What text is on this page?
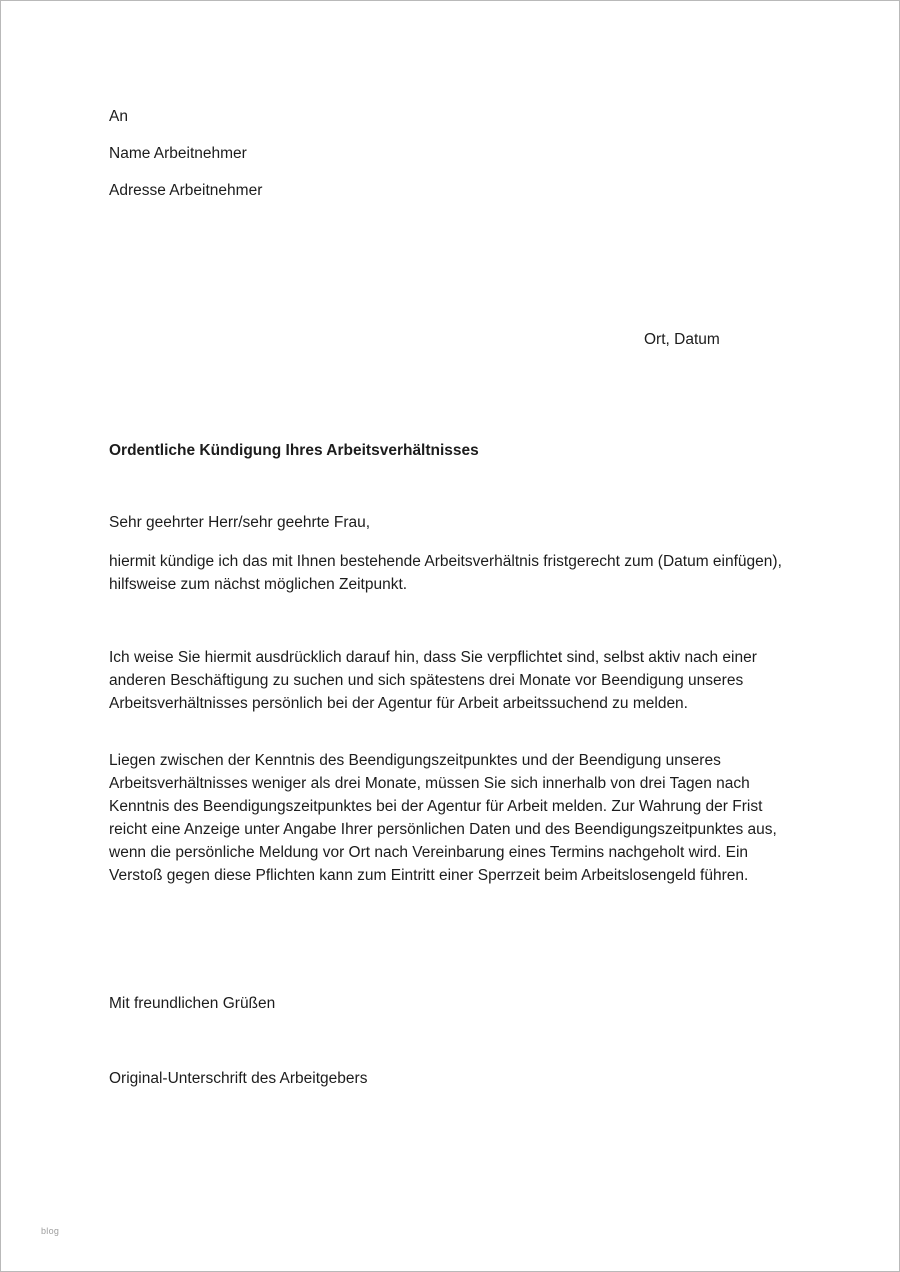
An

Name Arbeitnehmer

Adresse Arbeitnehmer

Ort, Datum
Ordentliche Kündigung Ihres Arbeitsverhältnisses
Sehr geehrter Herr/sehr geehrte Frau,

hiermit kündige ich das mit Ihnen bestehende Arbeitsverhältnis fristgerecht zum (Datum einfügen), hilfsweise zum nächst möglichen Zeitpunkt.

Ich weise Sie hiermit ausdrücklich darauf hin, dass Sie verpflichtet sind, selbst aktiv nach einer anderen Beschäftigung zu suchen und sich spätestens drei Monate vor Beendigung unseres Arbeitsverhältnisses persönlich bei der Agentur für Arbeit arbeitssuchend zu melden.

Liegen zwischen der Kenntnis des Beendigungszeitpunktes und der Beendigung unseres Arbeitsverhältnisses weniger als drei Monate, müssen Sie sich innerhalb von drei Tagen nach Kenntnis des Beendigungszeitpunktes bei der Agentur für Arbeit melden. Zur Wahrung der Frist reicht eine Anzeige unter Angabe Ihrer persönlichen Daten und des Beendigungszeitpunktes aus, wenn die persönliche Meldung vor Ort nach Vereinbarung eines Termins nachgeholt wird. Ein Verstoß gegen diese Pflichten kann zum Eintritt einer Sperrzeit beim Arbeitslosengeld führen.

Mit freundlichen Grüßen
Original-Unterschrift des Arbeitgebers
blog
